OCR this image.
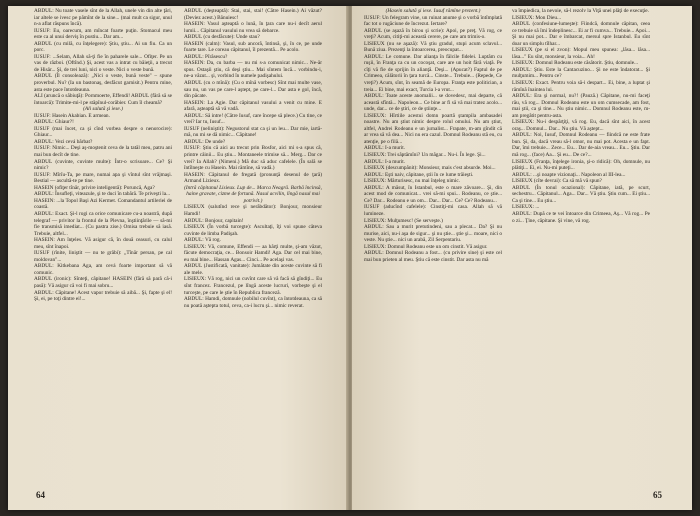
ABDUL: Nu toate vasele sînt de la Allah, unele vin din alte ţări, iar altele se ivesc pe pămînt de la sine... (mai mult ca sigur, unul n-a aflat răspuns încă).

IUSUF: Eu, oarecum, am mîncat foarte puţin. Stomacul meu este ca al unui derviş în pustiu... Dar am...

ABDUL (cu milă, cu înţelegere): Ştiu, ştiu... Ai un fiu. Ca un porc.

IUSUF: ...Selam, Allah să-ţi fie în paharele sale... Ofiţer. Pe un vas de război. (Oftînd.) Şi, acest vas a intrat cu băieţii, a trecut de Hisâr... Şi, de trei luni, nici o veste. Nici o veste bună.

ABDUL (Îl consolează): „Nici o veste, bună veste" – spune proverbul. Nu? (Ia un bastonaş, desfăcut garnisit.) Pentru mine, asta este pace întotdeauna.

ALI (aruncă o săbiuţă): Pornmoerte, Effendi! ABDUL (fără să se întoarcă): Trimite-mi-l pe stăpînul-corăbier. Cum îl cheamă?

(Ali salută şi iese.)

IUSUF: Hasein Akabian. E armean.

ABDUL: Ghiaur?!

IUSUF (mai încet, ca şi cînd vorbea despre o nenorocire): Ghiaur...

ABDUL: Vezi cevá bărbat?

IUSUF: Nimic... Deşi aş-moştenit ceva de la tatăl meu, patru ani mai bun decît de tine.

ABDUL (cuvinte, cuvinte multe): Într-o scrisoare... Ce? Şi nimic?

IUSUF: Mîrîu-Ta, pe mare, numai apa şi vîntul sînt vrăjmaşi. Bestial — ascultă-te pe tine.

HASEIN (ofiţer tînăr, privire inteligentă): Poruncă, Aga?

ABDUL: Însufleţi, viteazule, şi te duci în tabără. Te priveşti la...

HASEIN: ...la Topol Başi Azi Kermet. Comandantul artileriei de coastă.

ABDUL: Exact. Şi-l rogi ca orice comunicare cu-a noastră, după telegraf — privitor la frontul de la Plevna, înştiinţările — să-mi fie transmisă imediat... (Cu pastra zise.) Omisa trebuie să iasă. Trebuie, altfel...

HASEIN: Am înţeles. Vă asigur că, în două ceasuri, cu calul meu, sînt înapoi.

IUSUF (rînite, liniştit — nu te grăbi): „Tînăr persan, pe cal moldovan"...

ABDUL: Kitkebana Aga, am cevá foarte important să vă comunic.

ABDUL (ironic): Sînteţi, căpitane! HASEIN (fără să pară că-i pasă): Vă asigur că voi fi mai sobru...

ABDUL: Căpitane! Acest vapor trebuie să aibă... Şi, fapte şi el! Şi, ei, pe toţi dintre ei!...

ABDUL (deşteaptă): Stai, stai, stai! (Către Hasein.) Ai văzut? (Deviez acest.) Bănuiesc!

HASEIN: Vasul aşteaptă o lună, în ţara care nu-i decît aerul lumii... Căpitanul vasului nu vrea să debarce.

ABDUL (cu desfăcute): Unde stau?

HASEIN (calm): Vasul, sub ancoră, întinsă, şi, în ce, pe unde foarte tare. Le coreau căpitanul, îl prezentă... Pe acolo.

ABDUL: Pîrăsescu?

HASEIN: Da, cu barba — nu mi s-a comunicat nimic... Ne-ăr spus. Ostaşii ştiu, că deşi ştiu... Mai sîntem încă... vorbindu-i, ne-a văzut... şi, vorbind în numele padişahului.

ABDUL (cu o mînă): (Cu o mînă vorbesc) Sînt mai multe vase, sau nu, un vas pe care-l aştept, pe care-l... Dar asta e gol, încă, din păcate.

HASEIN: La Agie. Dar căpitanul vasului a venit cu mine. E afară, aşteaptă să vă vadă.

ABDUL: Să intre! (Către Iusuf, care începe să plece.) Cu tine, ce vrei? Iar tu, Iusuf...

IUSUF (neliniştit): Negustorul stat ca şi un leu... Dar mie, iartă-mă, nu mi se dă nimic... Căpitane!

ABDUL: De unde?

IUSUF: Ştiu că aici au trecut prin Bosfor, aici mi s-a spus că, printre câinii... Eu ştiu... Montaneele trimise să... Merg... Dar ce vrei? Ia Allah? (Nimeni.) Mă duc să aduc cafelele. (În sală se întîlneşte cu Hasein. Mai rămîne, să vadă.)

HASEIN: Căpitanul de fregată (pronunţă desenul de ţară) Armand Lizieux.

(Intră căpitanul Lisieux. Lup de... Marca Neagră. Barbă încinsă, haine gravate, cizme de fortună. Nasul acvilin, lîngă nasul mai potrivit.)

LISIEUX (salutînd rece şi nerăbdător): Bonjour, monsieur Hamdi!

ABDUL: Bonjour, capitain!

LISIEUX (În vorbă turcegte): Ascultaţi, îţi voi spune câteva cuvinte de limba Padişah.

ABDUL: Vă rog.

LISIEUX: Vă, comune, Effendi — aa hărţi multe, şi-am văzut, făcute democraţia, ce... Bonsoir Hamdi! Aga. Dar cel mai bine, eu mai bine... Hassan Agas... Cinci... Pe acelaşi vas.

ABDUL (Justificată, vanitate): Jumătate din aceste cuvinte să fi ale mele.

LISIEUX: Vă rog, nici un cuvînt care să vă facă să gîndiţi... Eu sînt francez. Francezul, pe lîngă aceste lucruri, vorbeşte şi el turceşte, pe care le ştie în Republica franceză.

ABDUL: Hamdi, domnule (nobilul cuvînt), ca întotdeauna, ca să nu poată aştepta totul, ceva, ca-i lucru şi... nimic reverat.

64

(Hasein salută şi iese. Iusuf rămîne prezent.)

IUSUF: Un felegram vine, un ruinat anume şi o vorbă întîmplată fac tot o rugăciune de încrezut. Iertare?

ABDUL (se aşază în birou şi scrie): Apoi, pe preţ. Vă rog, ce vreţi? Acum, citiţi-mi această cerere, pe care am trimis-o.

LISIEUX (nu se aşază): Vă ştiu gradul, stupi acum sclavul... Bună ziua. Prezenţi la întoarcerea, preocupat...

ABDUL: Le comune. Dar alianţa în fălcile fidelei. Luptăm cu ruşii, în Franţa ca cu un cocoşat, care are un hoit fără viaţă. Pe cîţi vă fie de sprijin în alianţă. Deşi... (Apucat?) Faptul de pe Crimeea, călătorii în ţara turcă... Cinste... Trebuie... (Repede, Ce vreţi?) Acum, sînt, în seamă de Europa. Franţa este politician, a treia... Ei bine, mai exact, Turcia l-a vrut...

ABDUL: Toate aceste anomalii... se dovedesc, mai departe, că această sfîntă... Napoleon... Ce bine ar fi să vă mai tratez acolo... unde, dar... ce de ştiri, ce de ştiinţe...

LISIEUX: Hîrtiile acestui domn poartă ştampila ambasadei noastre. Nu am ştiut nimic despre rolul omului. Nu am ştiut, altfel, Andrei Rodeanu e un jurnalist... Frapate, m-am gîndit că ar vrea să vă dea... Nici nu era cazul. Domnul Rodeanu stă eu, cu atenţie, pe o filă...

ABDUL: I-a murit.

LISIEUX: Trei săptămîni? Un măgar... Nu-i. În lege. Şi...

ABDUL: I-a murit.

LISIEUX (descumpănit): Monsieur, mais c'est absurde. Moi...

ABDUL: Eşti naiv, căpitane, ştii în ce lume trăieşti.

LISIEUX: Mărturisesc, nu mai înţeleg nimic.

ABDUL: A măsut, în Istanbul, este o mare zăvoare... Şi, din acest mod de comunicat... vrei să-mi spui... Rodeanu, ce ştie... Ce? Dar... Rodeanu e un om... Dar... Dar... Ce? Ce? Rodeanu...

IUSUF (aducînd cafelele): Cinstiţi-mi casa. Allah să vă lumineze.

LISIEUX: Mulţumesc! (Se serveşte.)

ABDUL: Sau a murit pretutindeni, sau a plecat... Da? Şi nu murise, aici, nu-i aşa de sigur... şi nu ştie... ştie şi... moare, nici o veste. Nu ştie... nici un arabă, Zil Serpentariu.

LISIEUX: Domnul Rodeanu este un om cinstit. Vă asigur.

ABDUL: Domnul Rodeanu a fost... (cu privire sine) şi este cel mai bun prieten al meu. Ştiu că este cinstit. Dar asta nu mă

va împiedica, la nevoie, să-l rezolv la Viţă unei plăţi de execuţie.

LISIEUX: Mon Dieu...

ABDUL (confesiune-lumeşte): Fiindcă, domnule căpitan, ceea ce trebuie să îmi îndeplinesc... Ei ar fi cumva... Trebuie... Apoi... Şi nu mai pot... Dar e îmbarcat, mersul spre Istanbul. Eu sînt doar un simplu tîlhar...

LISIEUX (pe si el zvon): Mopul meu spunea: „lăsa... lăsa... lăsa..." Eu sînt, monsieur, la voia... Ah!

LISIEUX: Domnul Rodeanu este căsătorit. Ştiu, domnule...

ABDUL: Ştiu. Este la Cantacuzino... Şi ne este îndatorat... Şi mulţumim... Pentru ce?

LISIEUX: Exact. Pentru voia să-i despart... Ei, bine, a luptat şi rămînă înaintea lui.

ABDUL: Era şi normal, nu?! (Pauză.) Căpitane, nu-mi faceţi rău, vă rog... Domnul Rodeanu este un om cumsecade, am fost, mai ştii, ca şi tine... Nu ştiu nimic... Domnul Rodeanu este, m-am pregătit pentru-asta.

LISIEUX: Nu-i despărţiţi, vă rog. Eu, dacă sînt aici, în acest oraş... Domnul... Dar... Nu ştiu. Vă aştept...

ABDUL: Noi, Iusuf, Domnul Rodeanu — fiindcă ne este frate bun. Şi, da, dacă vreau să-l omor, nu mai pot. Acesta e un fapt. Dar, îmi trebuie... Zece... Eu... Dar de-aia vreau... Eu... Ştiu. Dar mă rog... (face) Aa... Şi eu... De ce?...

LISIEUX (Franţa, înţelege ironia, şi-o ridică): Oh, domnule, nu plătiţi... Ei, ei. Nu-mi puteţi...

ABDUL: ...şi noapte vizionaţi... Napoleon al III-lea...

LISIEUX (cîte devrai): Ca să mă vă spun?

ABDUL (În tonul ocazional): Căpitane, iată, pe scurt, sechestru... Căpitanul... Aga... Dar... Vă ştiu. Ştiu cum... Ei ştiu... Ca şi tine... Eu ştiu...

LISIEUX: ...

ABDUL: După ce te vei întoarce din Crimeea, Aş... Vă rog... Pe o zi... Ţine, căpitane. Şi vine, vă rog.

65
